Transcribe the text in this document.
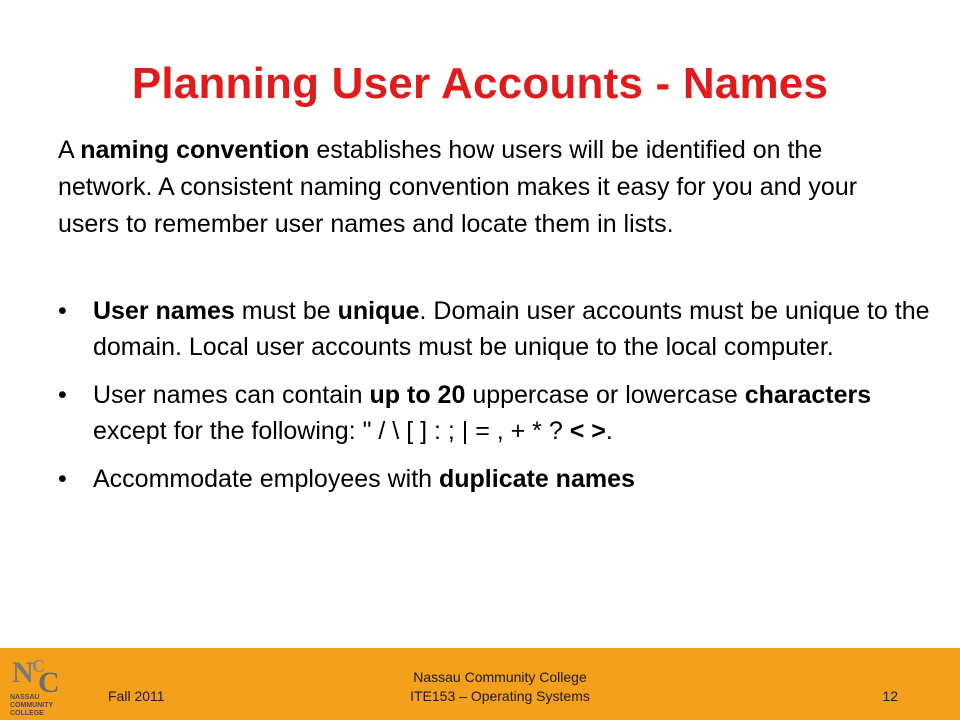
Planning User Accounts - Names

A naming convention establishes how users will be identified on the network. A consistent naming convention makes it easy for you and your users to remember user names and locate them in lists.

• User names must be unique. Domain user accounts must be unique to the domain. Local user accounts must be unique to the local computer.
• User names can contain up to 20 uppercase or lowercase characters except for the following: " / \ [ ] : ; | = , + * ? < >.
• Accommodate employees with duplicate names
N
C
C
NASSAU
COMMUNITY
COLLEGE
Fall 2011
Nassau Community College
ITE153 – Operating Systems	12
